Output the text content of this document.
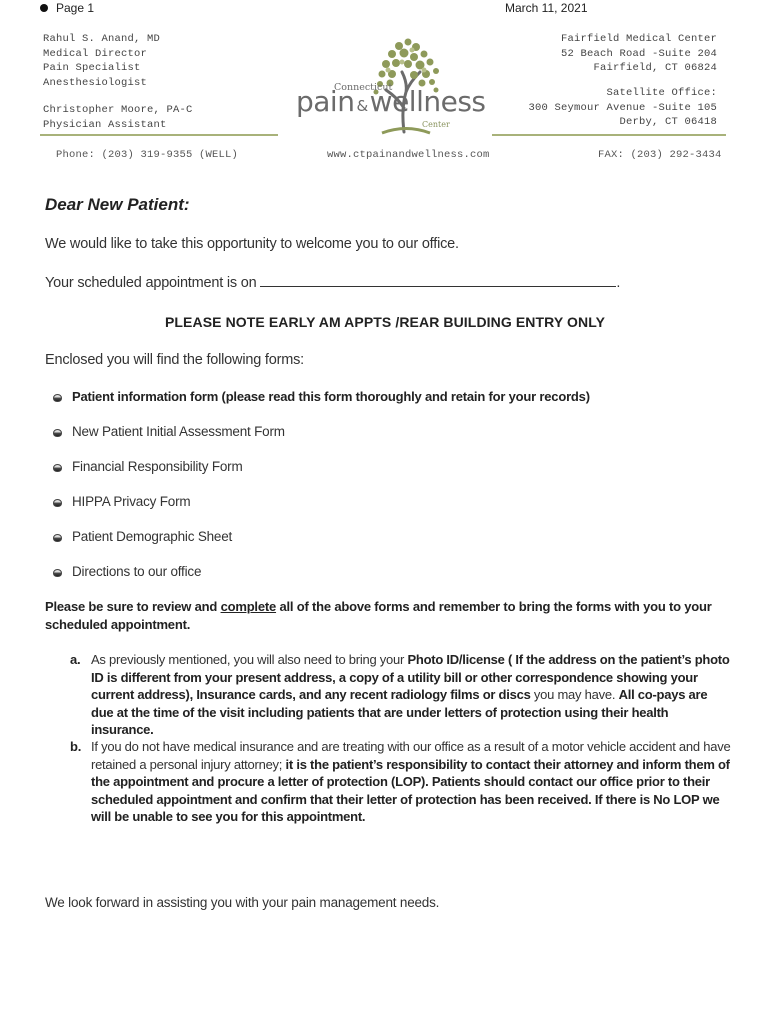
Page 1	March 11, 2021
Rahul S. Anand, MD
Medical Director
Pain Specialist
Anesthesiologist
Christopher Moore, PA-C
Physician Assistant
Fairfield Medical Center
52 Beach Road -Suite 204
Fairfield, CT 06824
Satellite Office:
300 Seymour Avenue -Suite 105
Derby, CT 06418
Connecticut
pain &wellness
Center
Phone: (203) 319-9355 (WELL)	www.ctpainandwellness.com	FAX: (203) 292-3434
Dear New Patient:
We would like to take this opportunity to welcome you to our office.
Your scheduled appointment is on	.
PLEASE NOTE EARLY AM APPTS /REAR BUILDING ENTRY ONLY
Enclosed you will find the following forms:
Patient information form (please read this form thoroughly and retain for your records)
New Patient Initial Assessment Form
Financial Responsibility Form
HIPPA Privacy Form
Patient Demographic Sheet
Directions to our office
Please be sure to review and complete all of the above forms and remember to bring the forms with you to your scheduled appointment.
a. As previously mentioned, you will also need to bring your Photo ID/license ( If the address on the patient’s photo ID is different from your present address, a copy of a utility bill or other correspondence showing your current address), Insurance cards, and any recent radiology films or discs you may have. All co-pays are due at the time of the visit including patients that are under letters of protection using their health insurance.
b. If you do not have medical insurance and are treating with our office as a result of a motor vehicle accident and have retained a personal injury attorney; it is the patient’s responsibility to contact their attorney and inform them of the appointment and procure a letter of protection (LOP). Patients should contact our office prior to their scheduled appointment and confirm that their letter of protection has been received. If there is No LOP we will be unable to see you for this appointment.
We look forward in assisting you with your pain management needs.
